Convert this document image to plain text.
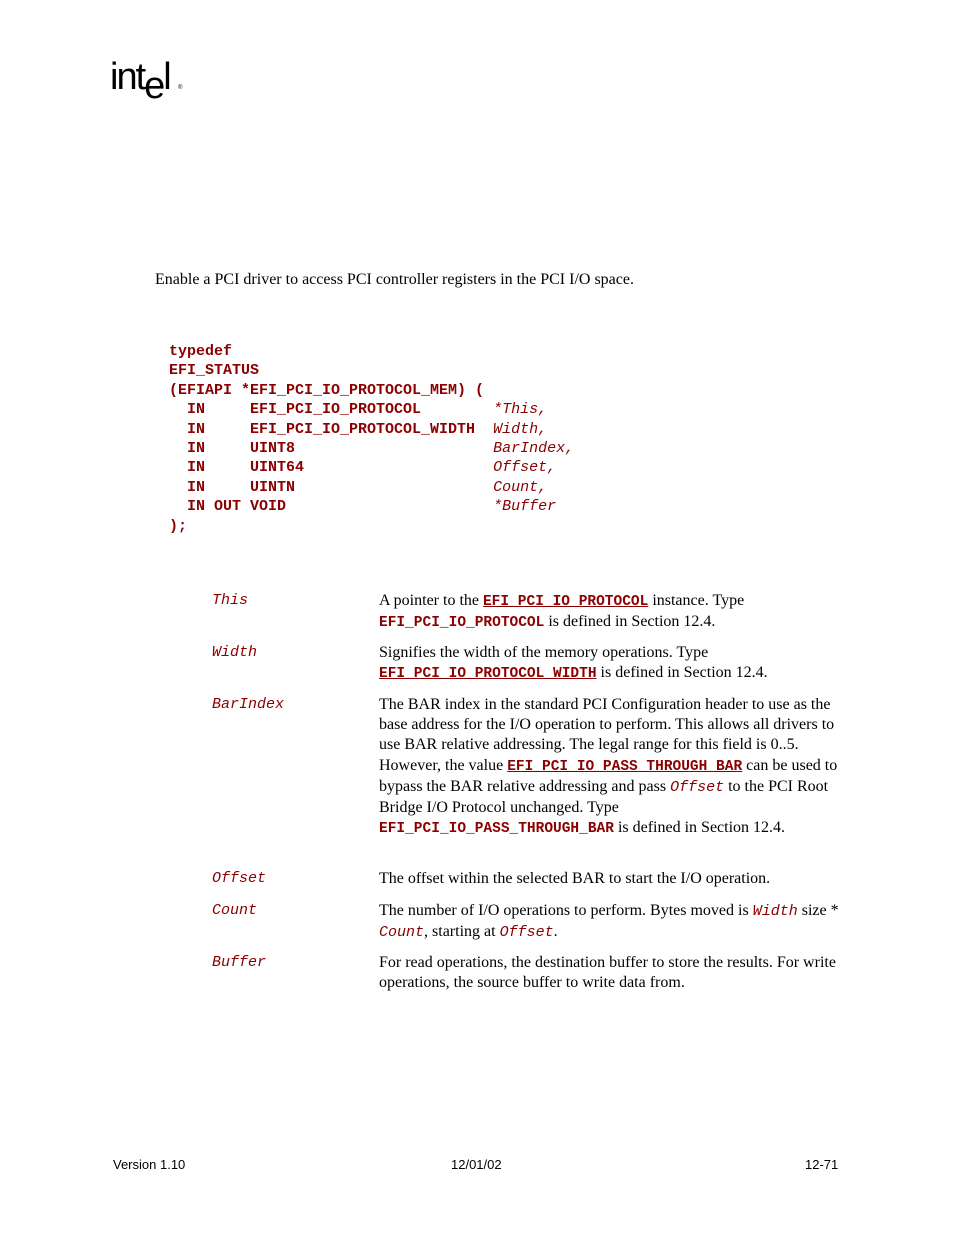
intel ®
Enable a PCI driver to access PCI controller registers in the PCI I/O space.
typedef
EFI_STATUS
(EFIAPI *EFI_PCI_IO_PROTOCOL_MEM) (
IN     EFI_PCI_IO_PROTOCOL        *This,
IN     EFI_PCI_IO_PROTOCOL_WIDTH  Width,
IN     UINT8                      BarIndex,
IN     UINT64                     Offset,
IN     UINTN                      Count,
IN OUT VOID                       *Buffer
);
This	A pointer to the EFI_PCI_IO_PROTOCOL instance. Type EFI_PCI_IO_PROTOCOL is defined in Section 12.4.
Width	Signifies the width of the memory operations. Type EFI_PCI_IO_PROTOCOL_WIDTH is defined in Section 12.4.
BarIndex	The BAR index in the standard PCI Configuration header to use as the base address for the I/O operation to perform. This allows all drivers to use BAR relative addressing. The legal range for this field is 0..5. However, the value EFI_PCI_IO_PASS_THROUGH_BAR can be used to bypass the BAR relative addressing and pass Offset to the PCI Root Bridge I/O Protocol unchanged. Type EFI_PCI_IO_PASS_THROUGH_BAR is defined in Section 12.4.
Offset	The offset within the selected BAR to start the I/O operation.
Count	The number of I/O operations to perform. Bytes moved is Width size * Count, starting at Offset.
Buffer	For read operations, the destination buffer to store the results. For write operations, the source buffer to write data from.
Version 1.10	12/01/02	12-71
